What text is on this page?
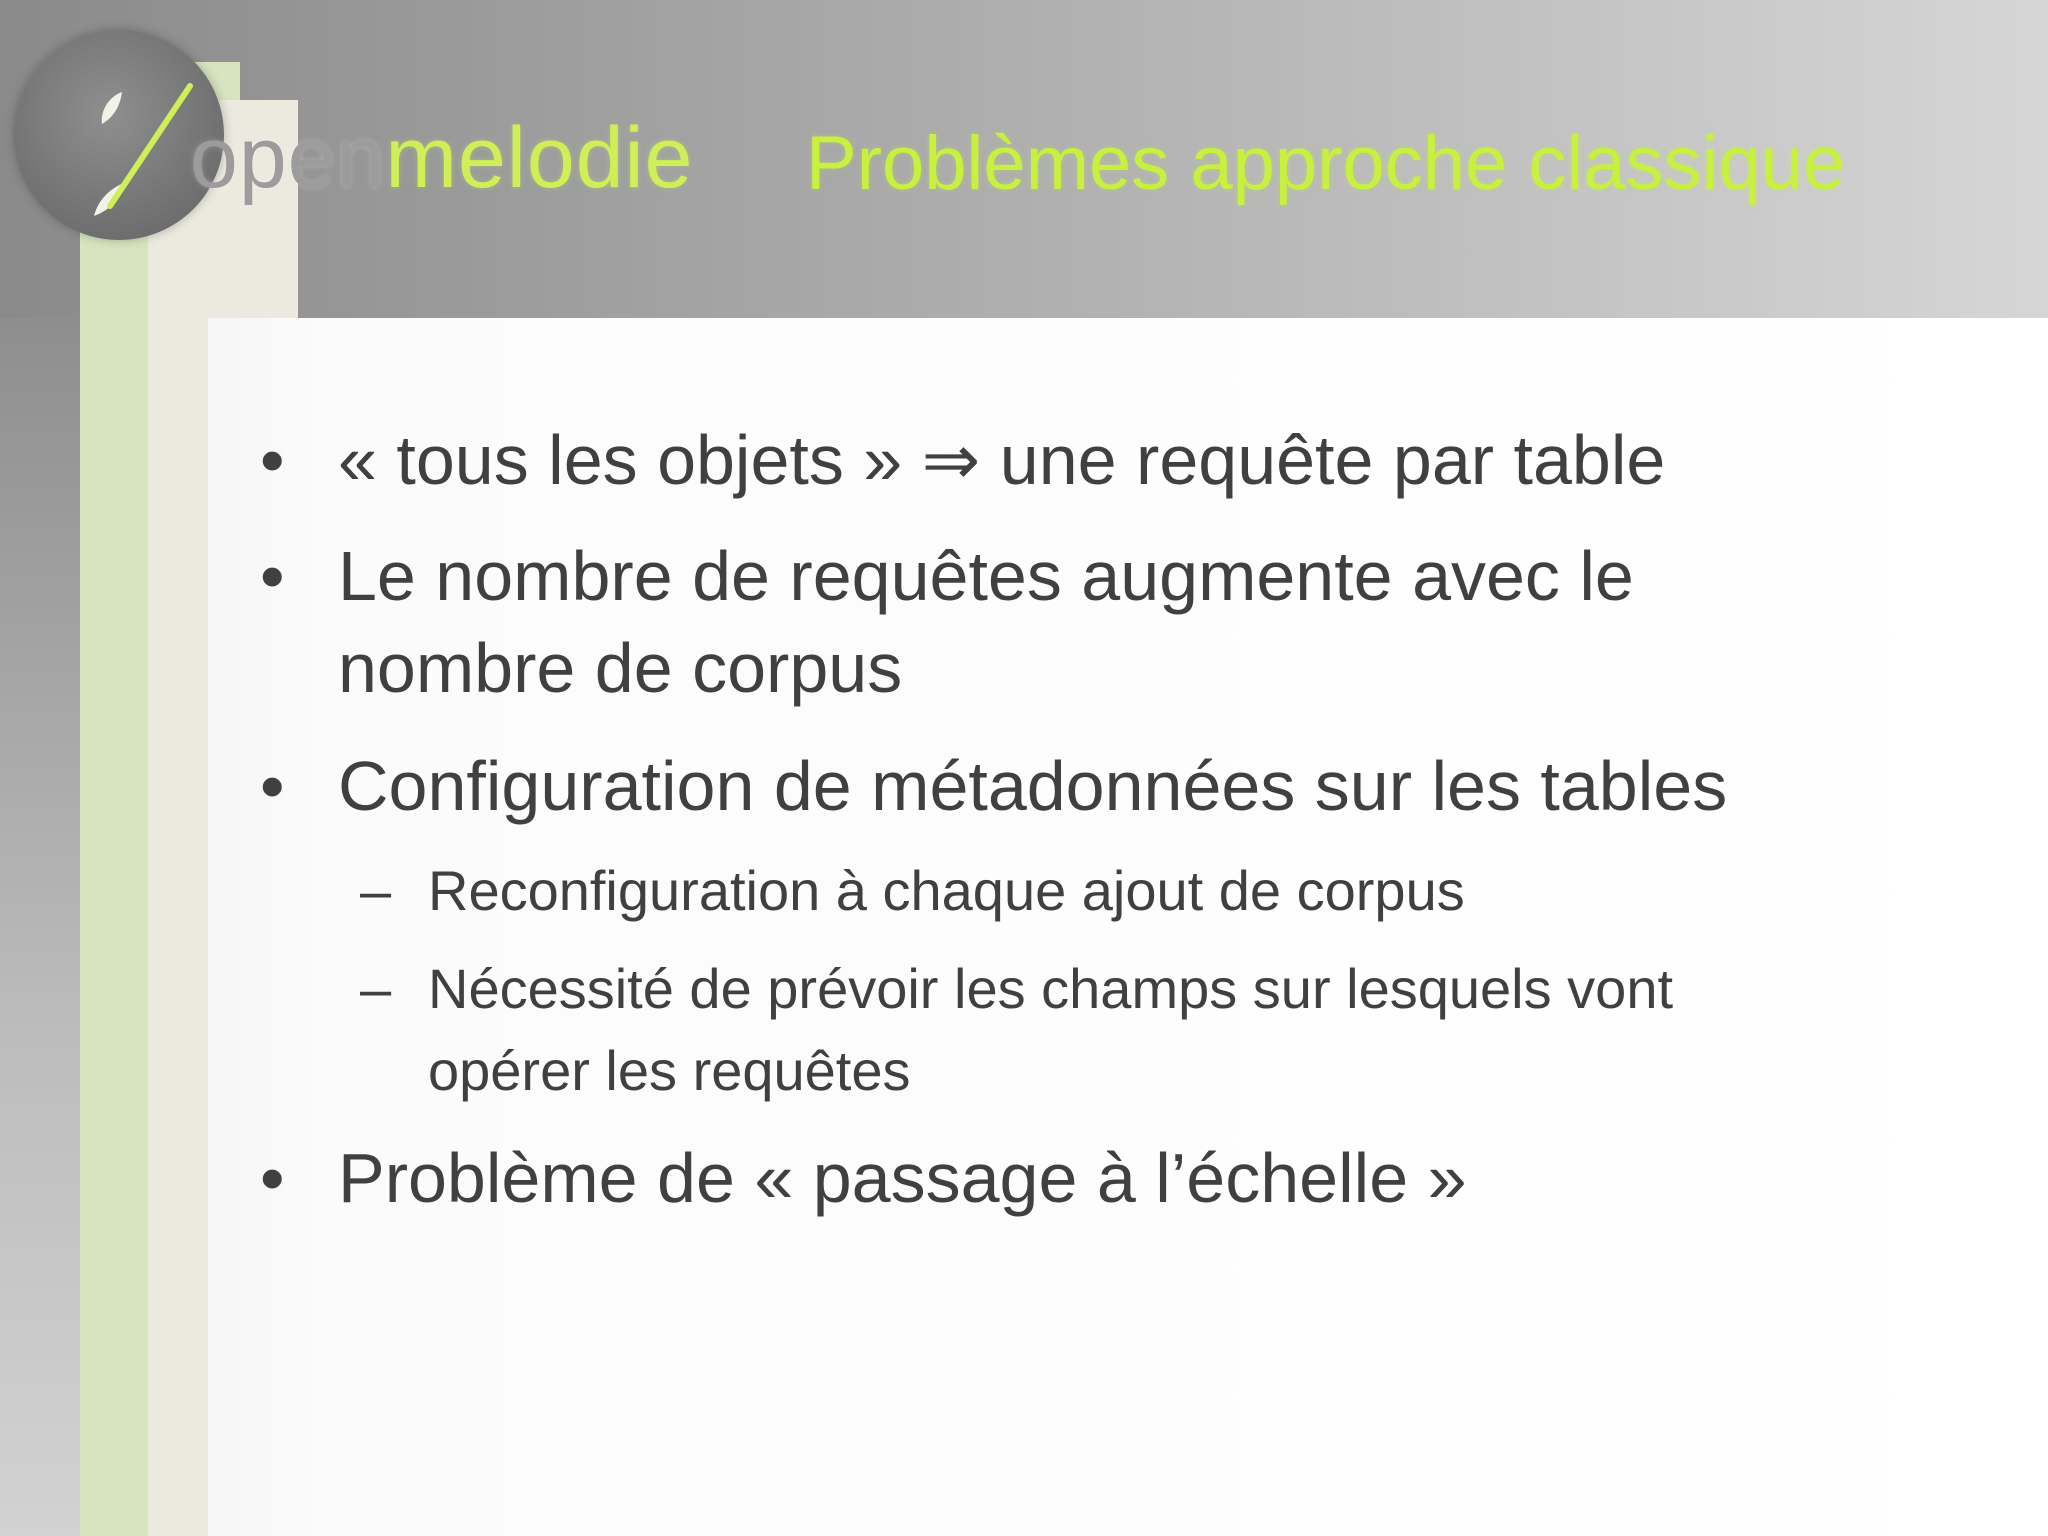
openmelodie Problèmes approche classique
• « tous les objets » ⇒ une requête par table
• Le nombre de requêtes augmente avec le
nombre de corpus
• Configuration de métadonnées sur les tables
– Reconfiguration à chaque ajout de corpus
– Nécessité de prévoir les champs sur lesquels vont
opérer les requêtes
• Problème de « passage à l’échelle »
